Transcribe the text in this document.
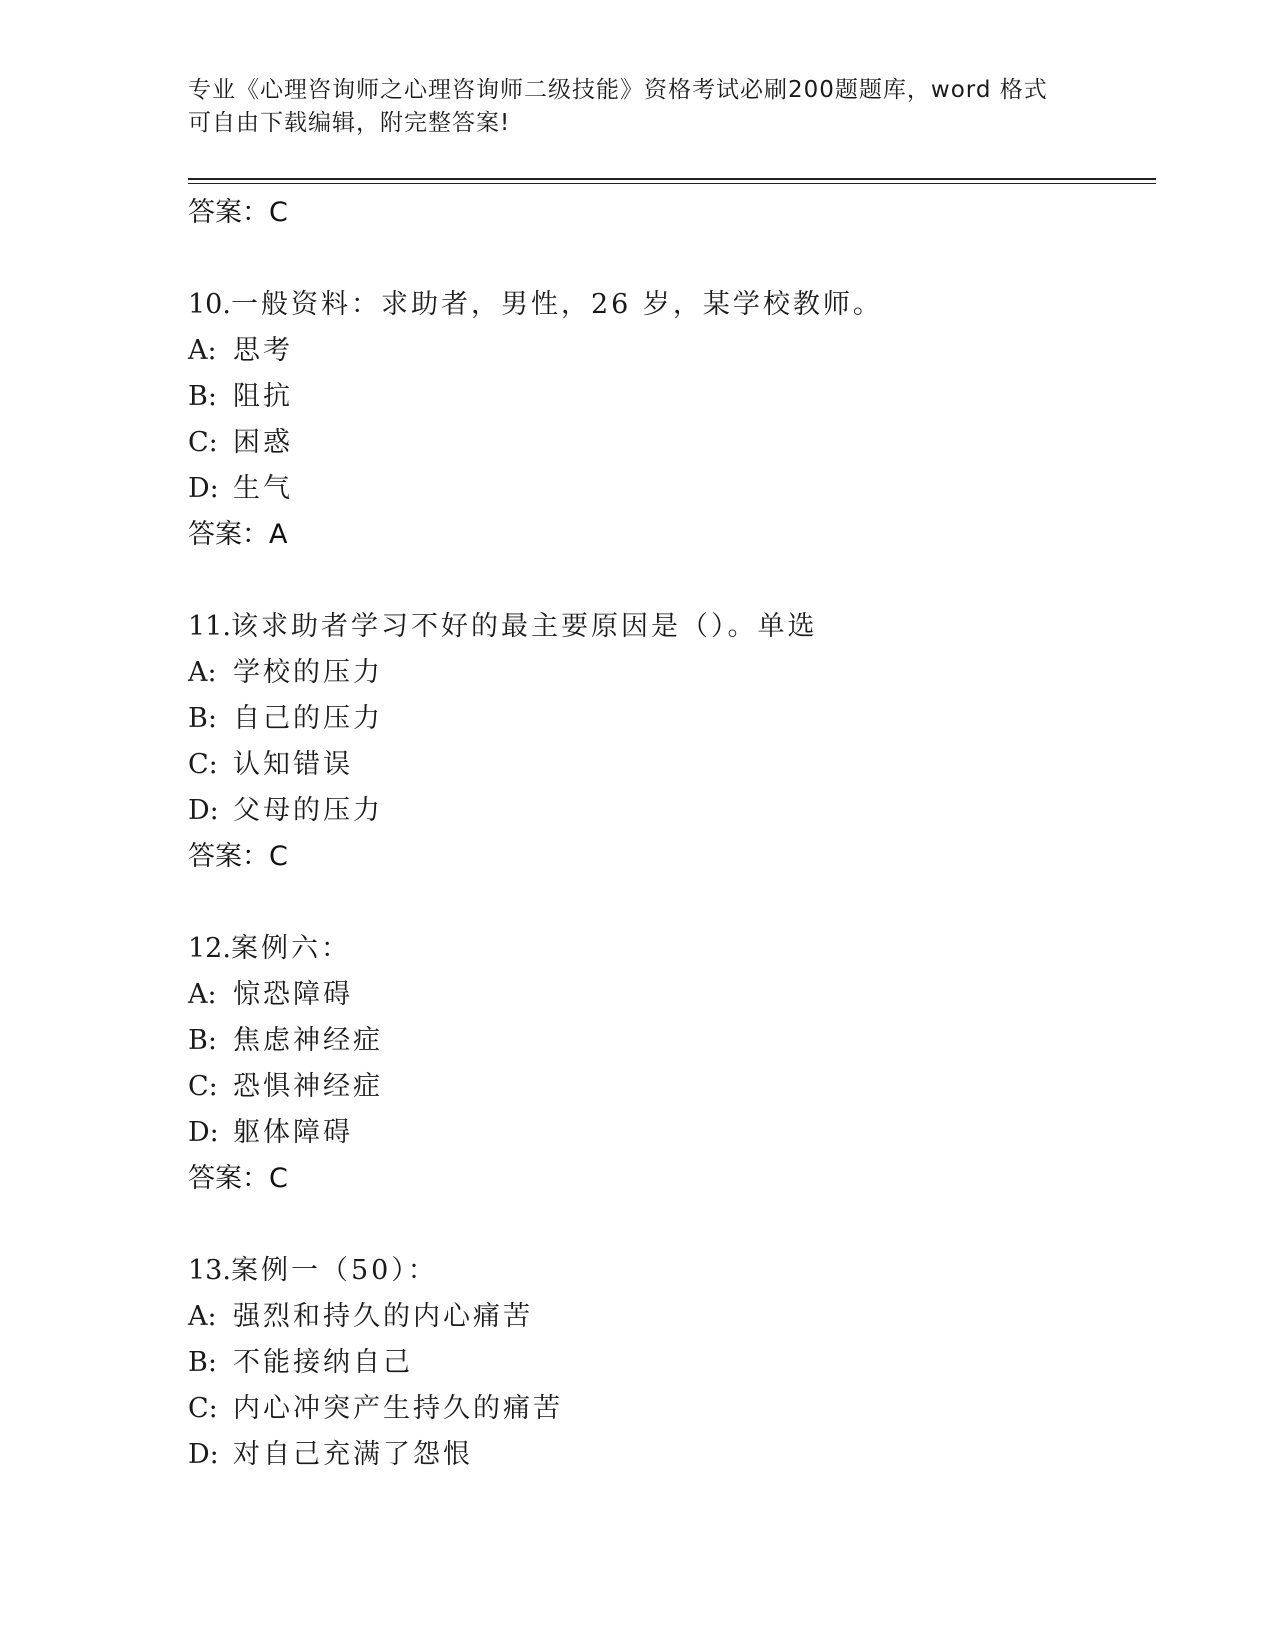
专业《心理咨询师之心理咨询师二级技能》资格考试必刷200题题库，word 格式
可自由下载编辑，附完整答案!
答案：C
10.一般资料：求助者，男性，26 岁，某学校教师。
A: 思考
B: 阻抗
C: 困惑
D: 生气
答案：A
11.该求助者学习不好的最主要原因是（）。单选
A: 学校的压力
B: 自己的压力
C: 认知错误
D: 父母的压力
答案：C
12.案例六：
A: 惊恐障碍
B: 焦虑神经症
C: 恐惧神经症
D: 躯体障碍
答案：C
13.案例一（50）：
A: 强烈和持久的内心痛苦
B: 不能接纳自己
C: 内心冲突产生持久的痛苦
D: 对自己充满了怨恨
